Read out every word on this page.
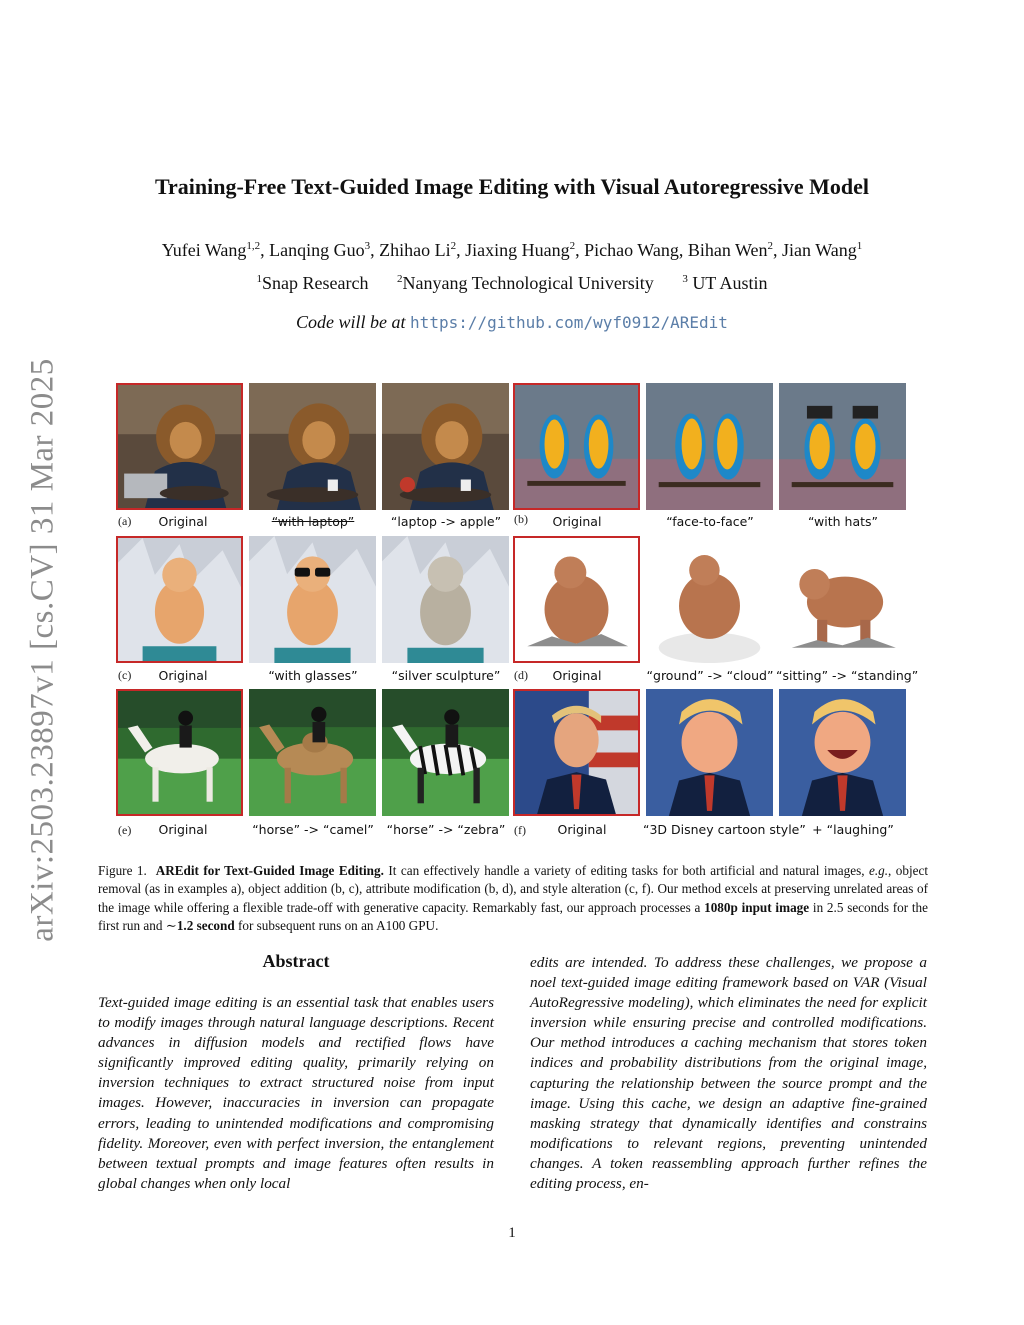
arXiv:2503.23897v1 [cs.CV] 31 Mar 2025
Training-Free Text-Guided Image Editing with Visual Autoregressive Model
Yufei Wang$^{1,2}$, Lanqing Guo$^3$, Zhihao Li$^2$, Jiaxing Huang$^2$, Pichao Wang, Bihan Wen$^2$, Jian Wang$^1$
$^1$Snap Research	$^2$Nanyang Technological University	$^3$ UT Austin
Code will be at https://github.com/wyf0912/AREdit
(a)	Original	“with laptop”	“laptop -> apple”	(b)	Original	“face-to-face”	“with hats”
(c)	Original	“with glasses”	“silver sculpture”	(d)	Original	“ground” -> “cloud” “sitting” -> “standing”
(e)	Original	“horse” -> “camel”	“horse” -> “zebra” (f)	Original	“3D Disney cartoon style” + “laughing”
Figure 1. AREdit for Text-Guided Image Editing. It can effectively handle a variety of editing tasks for both artificial and natural images, e.g., object removal (as in examples a), object addition (b, c), attribute modification (b, d), and style alteration (c, f). Our method excels at preserving unrelated areas of the image while offering a flexible trade-off with generative capacity. Remarkably fast, our approach processes a 1080p input image in 2.5 seconds for the first run and ∼1.2 second for subsequent runs on an A100 GPU.
Abstract
Text-guided image editing is an essential task that enables users to modify images through natural language descriptions. Recent advances in diffusion models and rectified flows have significantly improved editing quality, primarily relying on inversion techniques to extract structured noise from input images. However, inaccuracies in inversion can propagate errors, leading to unintended modifications and compromising fidelity. Moreover, even with perfect inversion, the entanglement between textual prompts and image features often results in global changes when only local
edits are intended. To address these challenges, we propose a noel text-guided image editing framework based on VAR (Visual AutoRegressive modeling), which eliminates the need for explicit inversion while ensuring precise and controlled modifications. Our method introduces a caching mechanism that stores token indices and probability distributions from the original image, capturing the relationship between the source prompt and the image. Using this cache, we design an adaptive fine-grained masking strategy that dynamically identifies and constrains modifications to relevant regions, preventing unintended changes. A token reassembling approach further refines the editing process, en-
1
